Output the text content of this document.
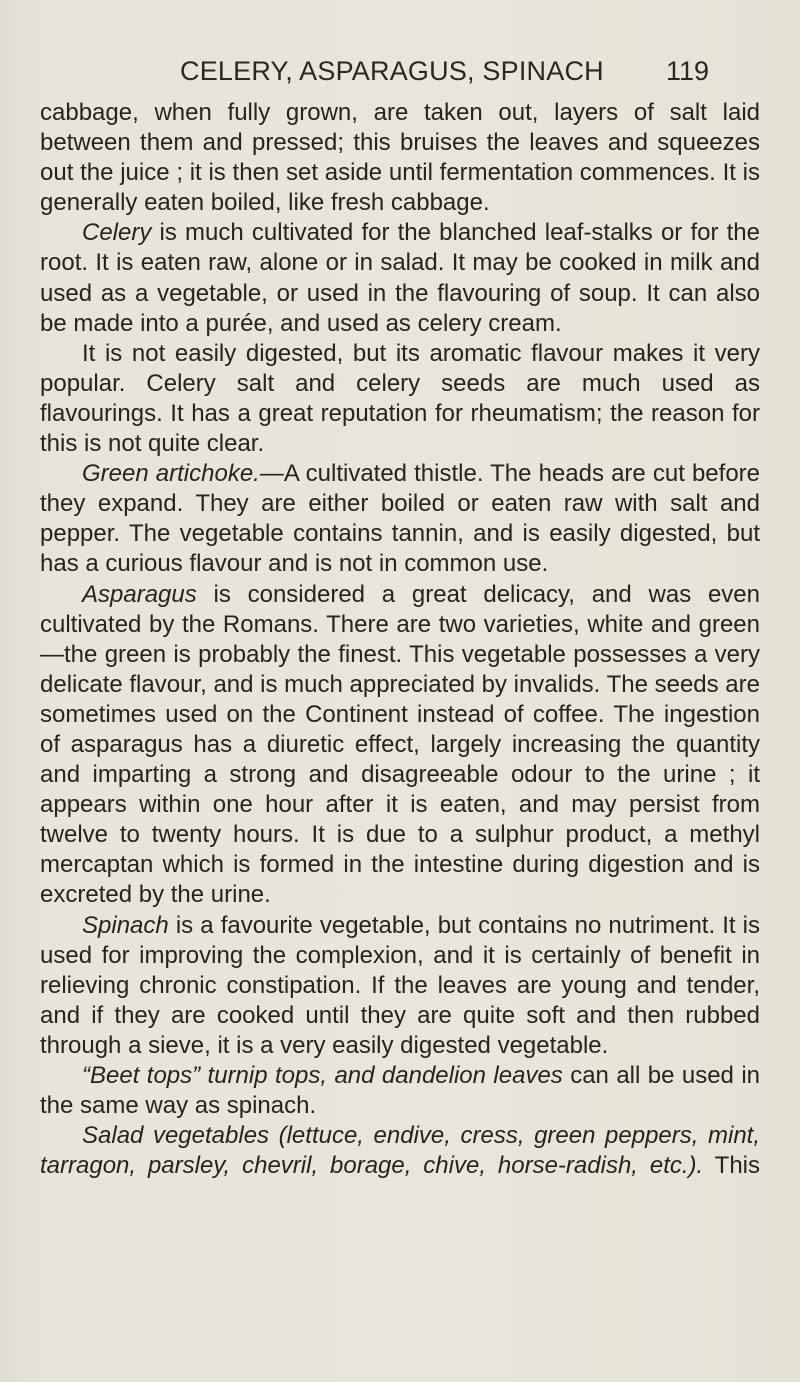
CELERY, ASPARAGUS, SPINACH 119

cabbage, when fully grown, are taken out, layers of salt laid between them and pressed; this bruises the leaves and squeezes out the juice ; it is then set aside until fermentation commences. It is generally eaten boiled, like fresh cabbage.

Celery is much cultivated for the blanched leaf-stalks or for the root. It is eaten raw, alone or in salad. It may be cooked in milk and used as a vegetable, or used in the flavouring of soup. It can also be made into a purée, and used as celery cream.

It is not easily digested, but its aromatic flavour makes it very popular. Celery salt and celery seeds are much used as flavourings. It has a great reputation for rheumatism; the reason for this is not quite clear.

Green artichoke.—A cultivated thistle. The heads are cut before they expand. They are either boiled or eaten raw with salt and pepper. The vegetable contains tannin, and is easily digested, but has a curious flavour and is not in common use.

Asparagus is considered a great delicacy, and was even cultivated by the Romans. There are two varieties, white and green—the green is probably the finest. This vegetable possesses a very delicate flavour, and is much appreciated by invalids. The seeds are sometimes used on the Continent instead of coffee. The ingestion of asparagus has a diuretic effect, largely increasing the quantity and imparting a strong and disagreeable odour to the urine ; it appears within one hour after it is eaten, and may persist from twelve to twenty hours. It is due to a sulphur product, a methyl mercaptan which is formed in the intestine during digestion and is excreted by the urine.

Spinach is a favourite vegetable, but contains no nutriment. It is used for improving the complexion, and it is certainly of benefit in relieving chronic constipation. If the leaves are young and tender, and if they are cooked until they are quite soft and then rubbed through a sieve, it is a very easily digested vegetable.

“Beet tops” turnip tops, and dandelion leaves can all be used in the same way as spinach.

Salad vegetables (lettuce, endive, cress, green peppers, mint, tarragon, parsley, chevril, borage, chive, horse-radish, etc.). This
